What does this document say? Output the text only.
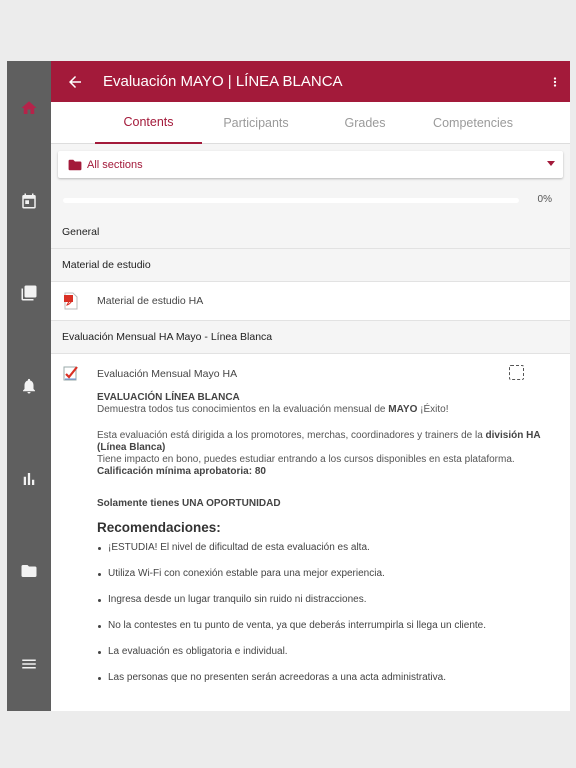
Evaluación MAYO | LÍNEA BLANCA
Contents	Participants	Grades	Competencies
All sections
0%
General
Material de estudio
Material de estudio HA
Evaluación Mensual HA Mayo - Línea Blanca
Evaluación Mensual Mayo HA
EVALUACIÓN LÍNEA BLANCA
Demuestra todos tus conocimientos en la evaluación mensual de MAYO ¡Éxito!
Esta evaluación está dirigida a los promotores, merchas, coordinadores y trainers de la división HA (Línea Blanca)
Tiene impacto en bono, puedes estudiar entrando a los cursos disponibles en esta plataforma.
Calificación mínima aprobatoria: 80
Solamente tienes UNA OPORTUNIDAD
Recomendaciones:
¡ESTUDIA! El nivel de dificultad de esta evaluación es alta.
Utiliza Wi-Fi con conexión estable para una mejor experiencia.
Ingresa desde un lugar tranquilo sin ruido ni distracciones.
No la contestes en tu punto de venta, ya que deberás interrumpirla si llega un cliente.
La evaluación es obligatoria e individual.
Las personas que no presenten serán acreedoras a una acta administrativa.
